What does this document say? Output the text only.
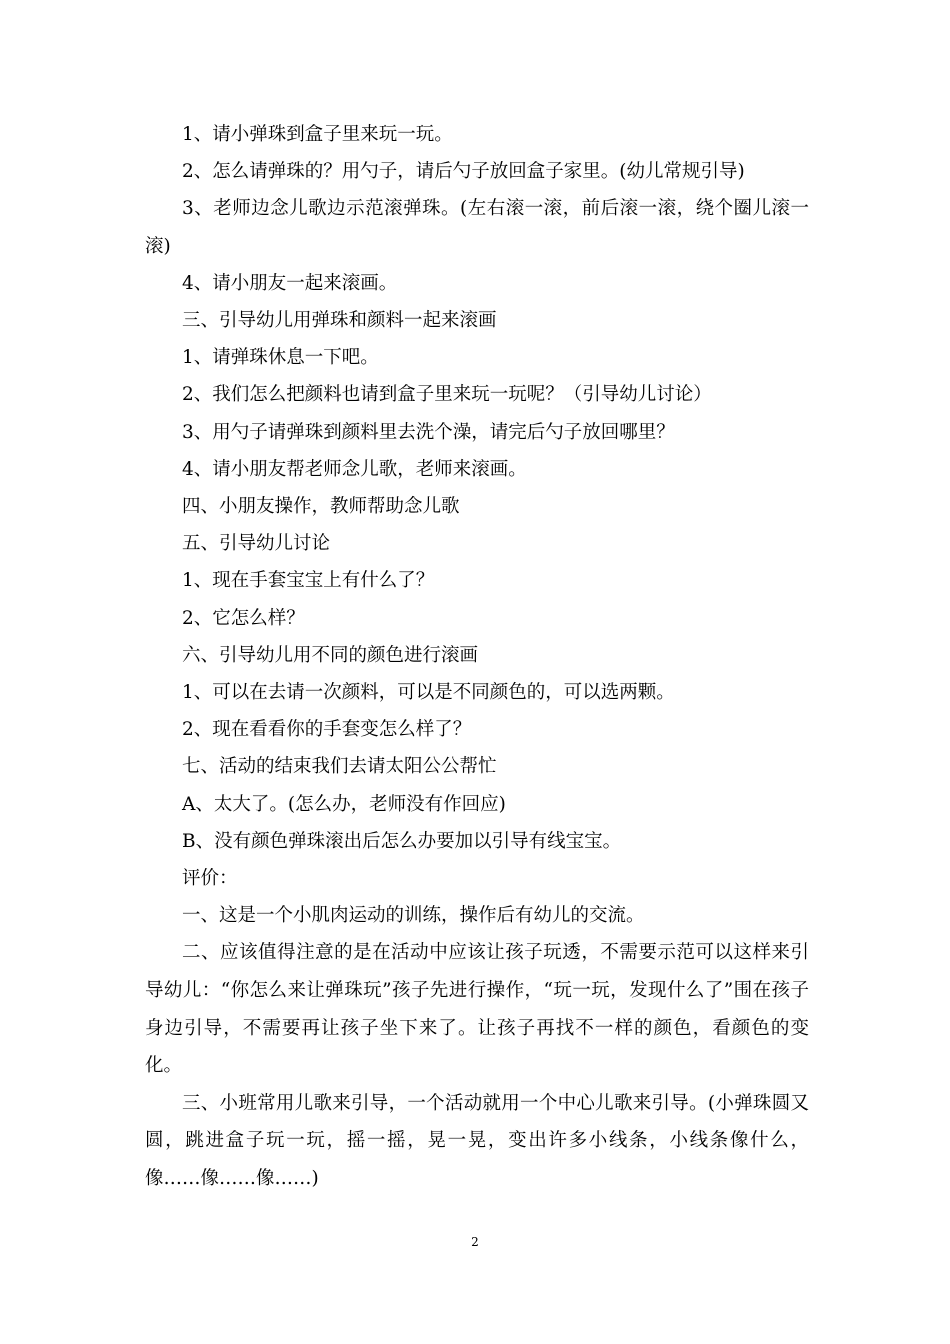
1、请小弹珠到盒子里来玩一玩。

2、怎么请弹珠的？用勺子，请后勺子放回盒子家里。(幼儿常规引导)

3、老师边念儿歌边示范滚弹珠。(左右滚一滚，前后滚一滚，绕个圈儿滚一滚)

4、请小朋友一起来滚画。

三、引导幼儿用弹珠和颜料一起来滚画

1、请弹珠休息一下吧。

2、我们怎么把颜料也请到盒子里来玩一玩呢？（引导幼儿讨论）

3、用勺子请弹珠到颜料里去洗个澡，请完后勺子放回哪里？

4、请小朋友帮老师念儿歌，老师来滚画。

四、小朋友操作，教师帮助念儿歌

五、引导幼儿讨论

1、现在手套宝宝上有什么了？

2、它怎么样？

六、引导幼儿用不同的颜色进行滚画

1、可以在去请一次颜料，可以是不同颜色的，可以选两颗。

2、现在看看你的手套变怎么样了？

七、活动的结束我们去请太阳公公帮忙

A、太大了。(怎么办，老师没有作回应)

B、没有颜色弹珠滚出后怎么办要加以引导有线宝宝。

评价：

一、这是一个小肌肉运动的训练，操作后有幼儿的交流。

二、应该值得注意的是在活动中应该让孩子玩透，不需要示范可以这样来引导幼儿：“你怎么来让弹珠玩”孩子先进行操作，“玩一玩，发现什么了”围在孩子身边引导，不需要再让孩子坐下来了。让孩子再找不一样的颜色，看颜色的变化。

三、小班常用儿歌来引导，一个活动就用一个中心儿歌来引导。(小弹珠圆又圆，跳进盒子玩一玩，摇一摇，晃一晃，变出许多小线条，小线条像什么，像……像……像……)

2
